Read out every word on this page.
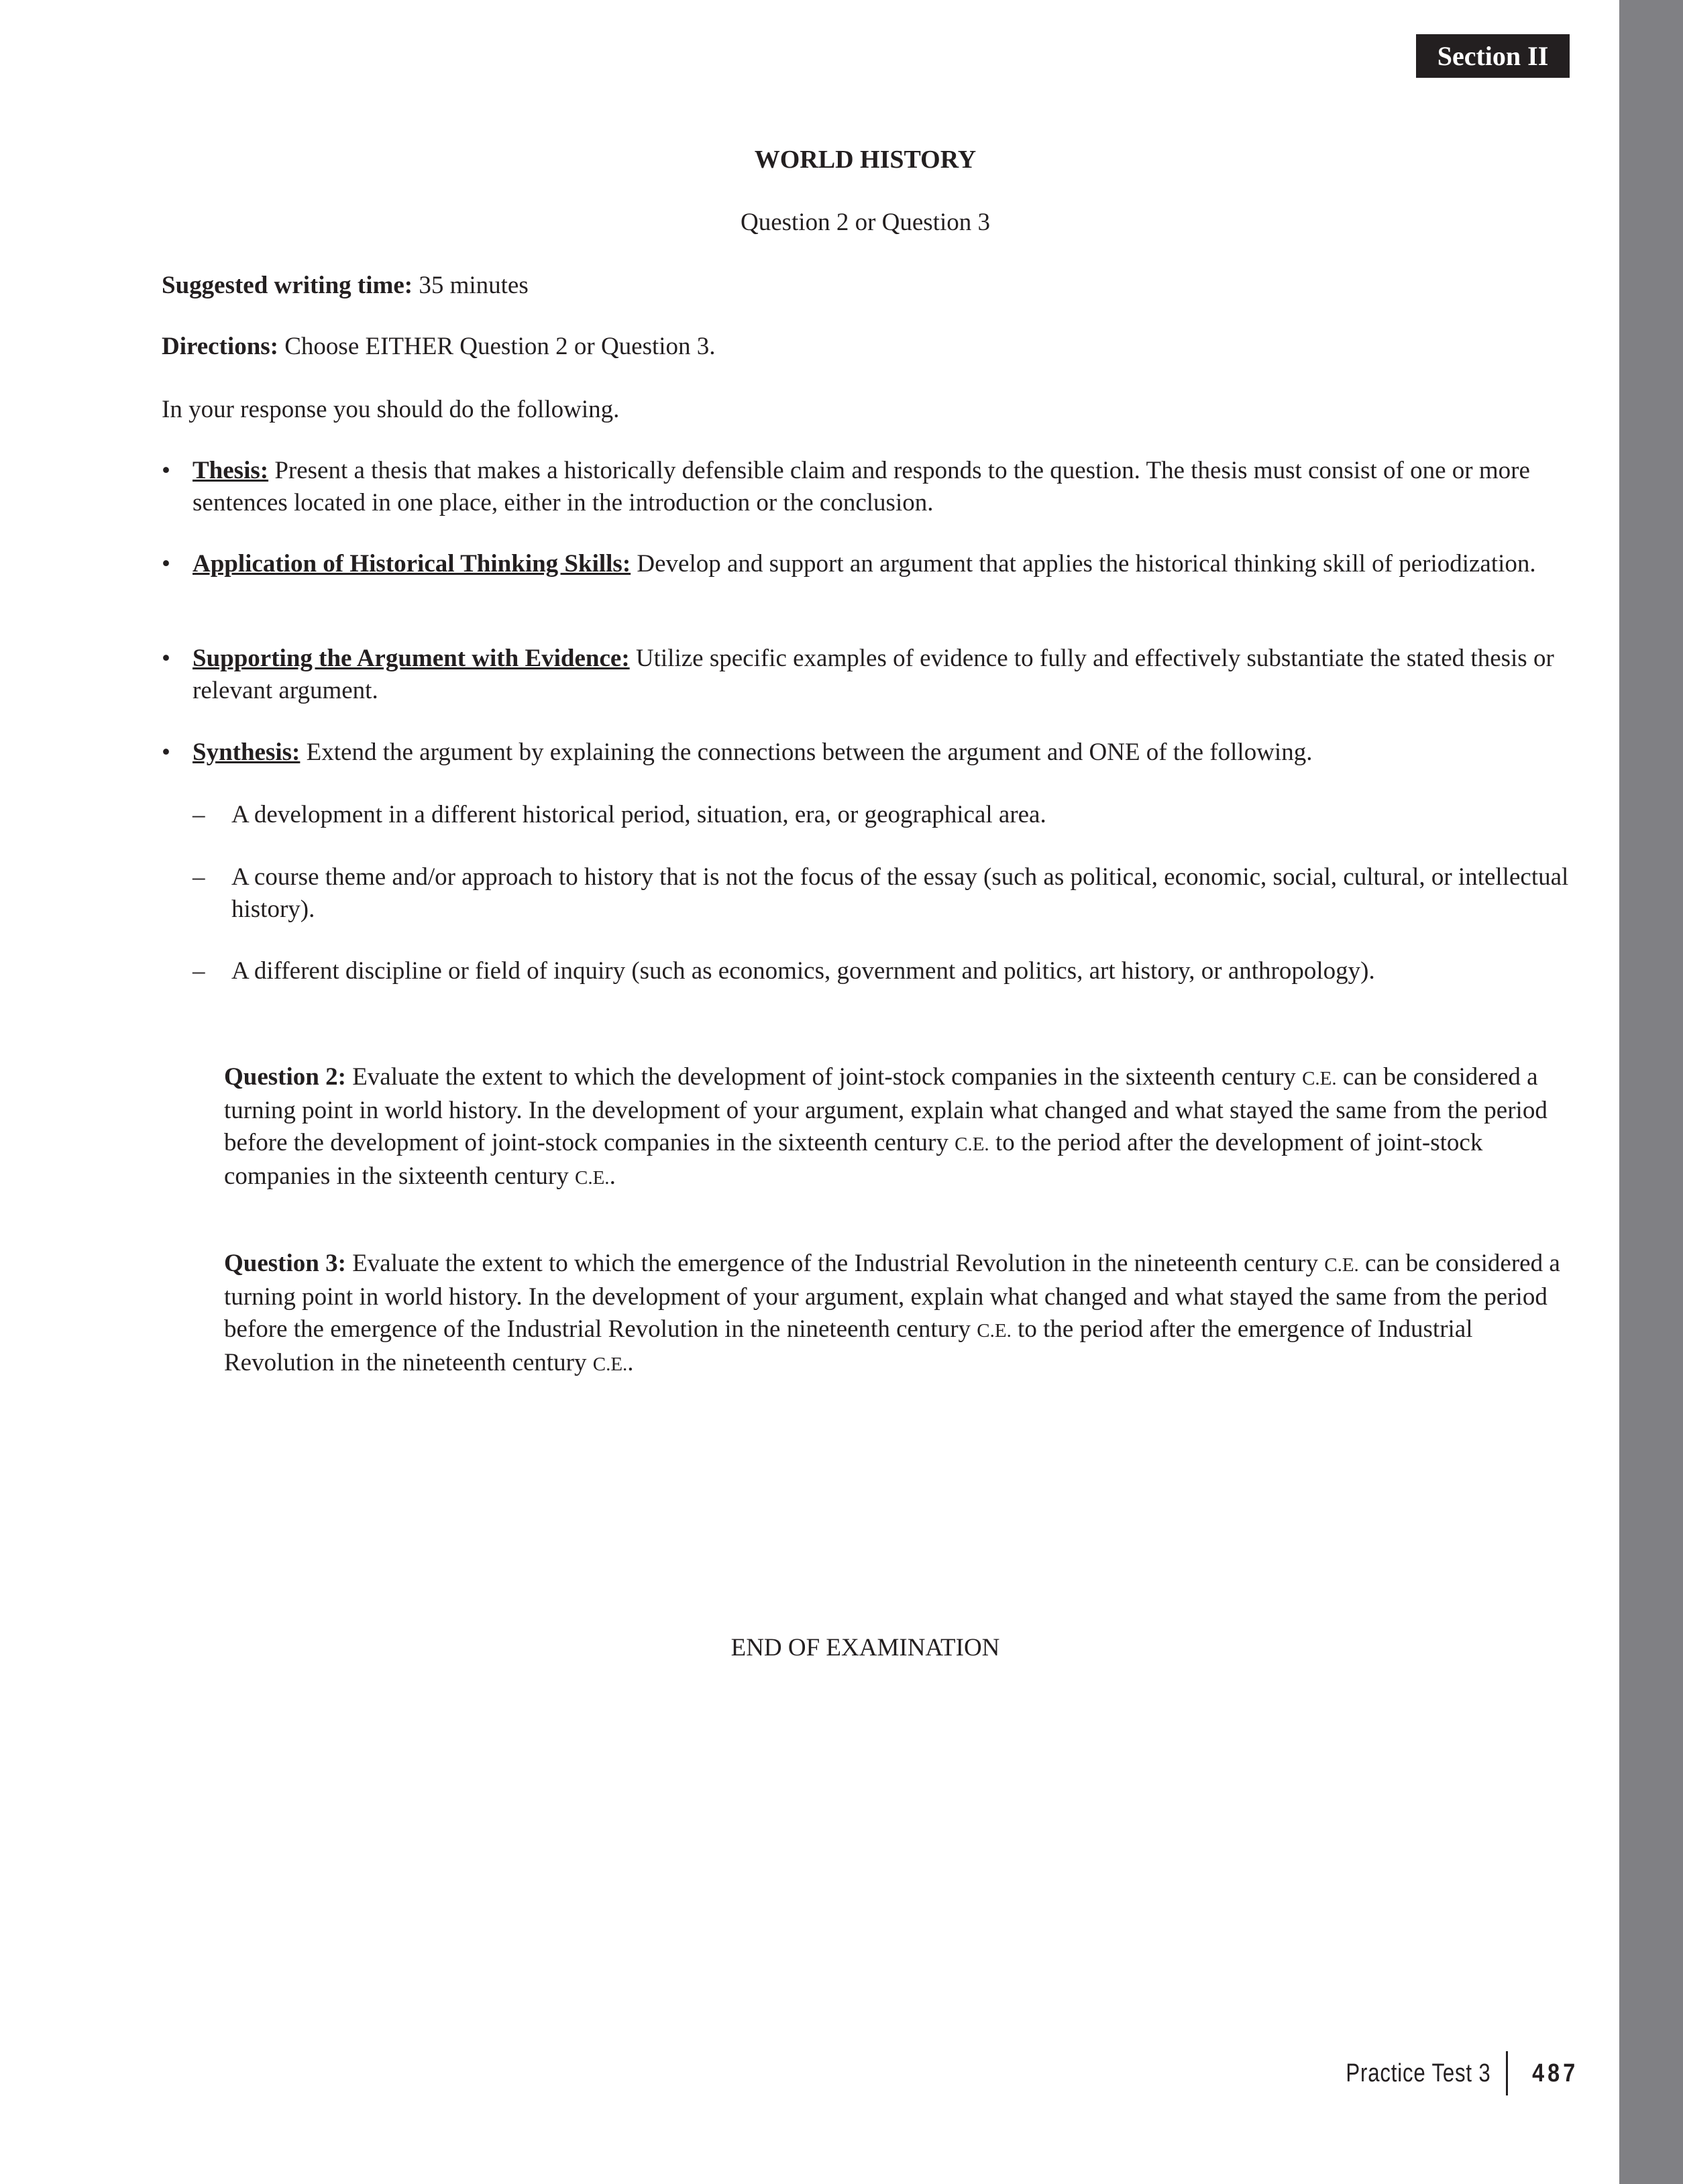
Section II
WORLD HISTORY
Question 2 or Question 3
Suggested writing time: 35 minutes
Directions: Choose EITHER Question 2 or Question 3.
In your response you should do the following.
• Thesis: Present a thesis that makes a historically defensible claim and responds to the question. The thesis must consist of one or more sentences located in one place, either in the introduction or the conclusion.
• Application of Historical Thinking Skills: Develop and support an argument that applies the historical thinking skill of periodization.
• Supporting the Argument with Evidence: Utilize specific examples of evidence to fully and effectively substantiate the stated thesis or relevant argument.
• Synthesis: Extend the argument by explaining the connections between the argument and ONE of the following.
– A development in a different historical period, situation, era, or geographical area.
– A course theme and/or approach to history that is not the focus of the essay (such as political, economic, social, cultural, or intellectual history).
– A different discipline or field of inquiry (such as economics, government and politics, art history, or anthropology).
Question 2: Evaluate the extent to which the development of joint-stock companies in the sixteenth century C.E. can be considered a turning point in world history. In the development of your argument, explain what changed and what stayed the same from the period before the development of joint-stock companies in the sixteenth century C.E. to the period after the development of joint-stock companies in the sixteenth century C.E..
Question 3: Evaluate the extent to which the emergence of the Industrial Revolution in the nineteenth century C.E. can be considered a turning point in world history. In the development of your argument, explain what changed and what stayed the same from the period before the emergence of the Industrial Revolution in the nineteenth century C.E. to the period after the emergence of Industrial Revolution in the nineteenth century C.E..
END OF EXAMINATION
Practice Test 3 487
